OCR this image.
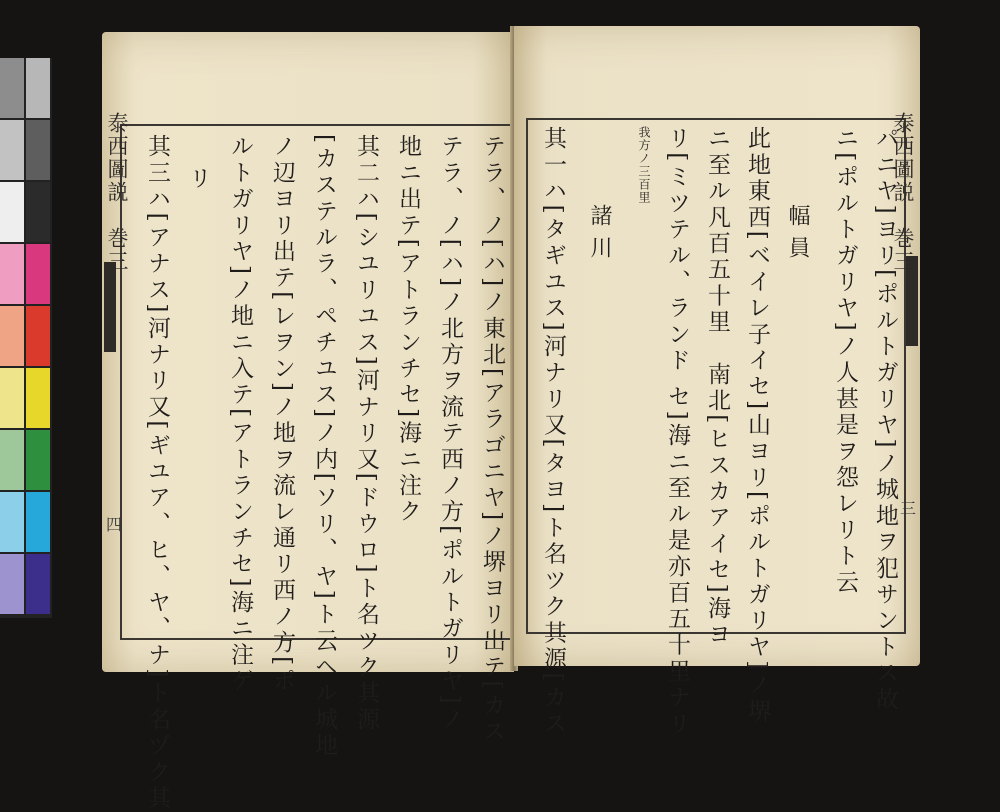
テラ、ノ[ハ]ノ東北[アラゴニヤ]ノ堺ヨリ出テ[カス
テラ、ノ[ハ]ノ北方ヲ流テ西ノ方[ポルトガリヤ]ノ
地ニ出テ[アトランチセ]海ニ注ク
其二ハ[シユリユス]河ナリ又[ドウロ]ト名ツク其源
[カステルラ、ペチユス]ノ内[ソリ、ヤ]ト云ヘル城地
ノ辺ヨリ出テ[レヲン]ノ地ヲ流レ通リ西ノ方[ポ
ルトガリヤ]ノ地ニ入テ[アトランチセ]海ニ注ゲ
リ
其三ハ[アナス]河ナリ又[ギユア、ヒ、ヤ、ナ]ト名ヅク其
泰西圖説　巻三
四	パニヤ]ヨリ[ポルトガリヤ]ノ城地ヲ犯サントス故
ニ[ポルトガリヤ]ノ人甚是ヲ怨レリト云
幅員
此地東西[ベイレ子イセ]山ヨリ[ポルトガリヤ]ノ堺
ニ至ル凡百五十里　南北[ヒスカアイセ]海ヨ
リ[ミツテル、ランド セ]海ニ至ル是亦百五十里ナリ
我方ノ三百里
諸川
其一ハ[タギユス]河ナリ又[タヨ]ト名ツク其源[カス	泰西圖説　巻三
三
